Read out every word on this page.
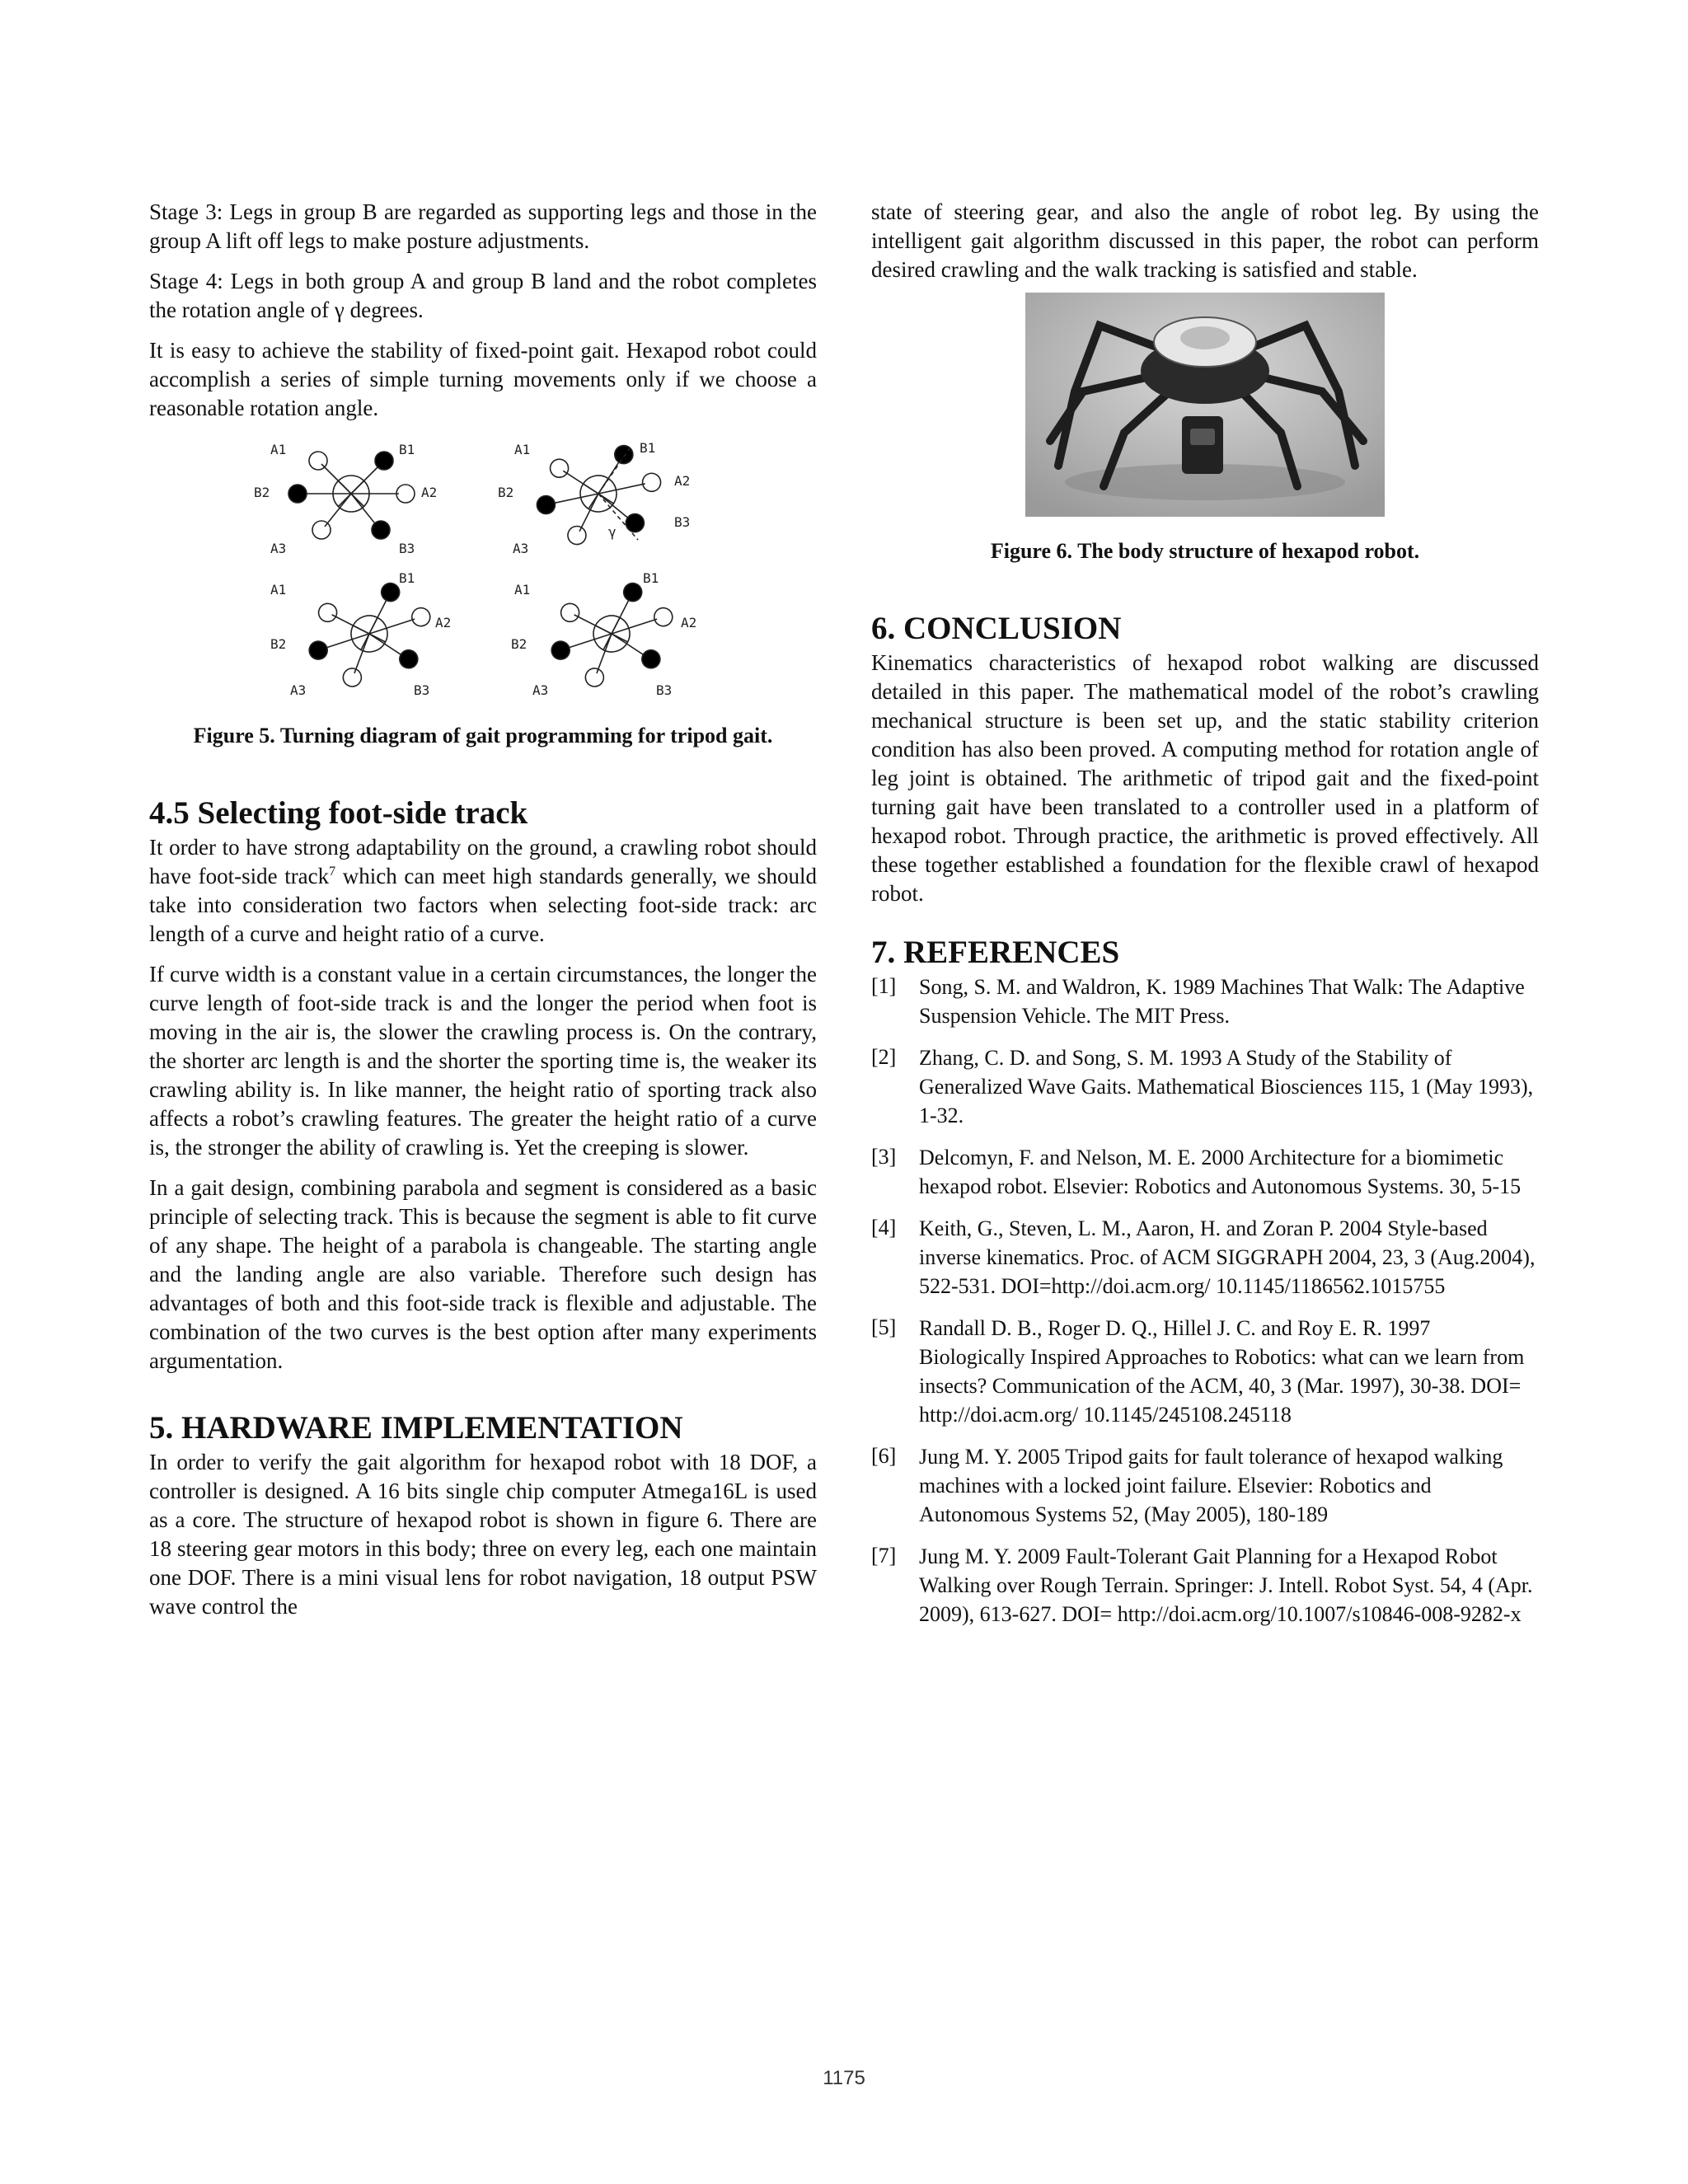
Stage 3: Legs in group B are regarded as supporting legs and those in the group A lift off legs to make posture adjustments.

Stage 4: Legs in both group A and group B land and the robot completes the rotation angle of γ degrees.

It is easy to achieve the stability of fixed-point gait. Hexapod robot could accomplish a series of simple turning movements only if we choose a reasonable rotation angle.

A1	B1
B2	A2
A3	B3
A1	B1
B2
A2
B3
γ
A3
A1
B1
A2
B2
A3	B3
A1
B1
A2
B2
A3	B3

Figure 5. Turning diagram of gait programming for tripod gait.

4.5 Selecting foot-side track

It order to have strong adaptability on the ground, a crawling robot should have foot-side track$^7$ which can meet high standards generally, we should take into consideration two factors when selecting foot-side track: arc length of a curve and height ratio of a curve.

If curve width is a constant value in a certain circumstances, the longer the curve length of foot-side track is and the longer the period when foot is moving in the air is, the slower the crawling process is. On the contrary, the shorter arc length is and the shorter the sporting time is, the weaker its crawling ability is. In like manner, the height ratio of sporting track also affects a robot’s crawling features. The greater the height ratio of a curve is, the stronger the ability of crawling is. Yet the creeping is slower.

In a gait design, combining parabola and segment is considered as a basic principle of selecting track. This is because the segment is able to fit curve of any shape. The height of a parabola is changeable. The starting angle and the landing angle are also variable. Therefore such design has advantages of both and this foot-side track is flexible and adjustable. The combination of the two curves is the best option after many experiments argumentation.

5. HARDWARE IMPLEMENTATION

In order to verify the gait algorithm for hexapod robot with 18 DOF, a controller is designed. A 16 bits single chip computer Atmega16L is used as a core. The structure of hexapod robot is shown in figure 6. There are 18 steering gear motors in this body; three on every leg, each one maintain one DOF. There is a mini visual lens for robot navigation, 18 output PSW wave control the

state of steering gear, and also the angle of robot leg. By using the intelligent gait algorithm discussed in this paper, the robot can perform desired crawling and the walk tracking is satisfied and stable.

Figure 6. The body structure of hexapod robot.

6. CONCLUSION

Kinematics characteristics of hexapod robot walking are discussed detailed in this paper. The mathematical model of the robot’s crawling mechanical structure is been set up, and the static stability criterion condition has also been proved. A computing method for rotation angle of leg joint is obtained. The arithmetic of tripod gait and the fixed-point turning gait have been translated to a controller used in a platform of hexapod robot. Through practice, the arithmetic is proved effectively. All these together established a foundation for the flexible crawl of hexapod robot.

7. REFERENCES
[1] Song, S. M. and Waldron, K. 1989 Machines That Walk: The Adaptive Suspension Vehicle. The MIT Press.
[2] Zhang, C. D. and Song, S. M. 1993 A Study of the Stability of Generalized Wave Gaits. Mathematical Biosciences 115, 1 (May 1993), 1-32.
[3] Delcomyn, F. and Nelson, M. E. 2000 Architecture for a biomimetic hexapod robot. Elsevier: Robotics and Autonomous Systems. 30, 5-15
[4] Keith, G., Steven, L. M., Aaron, H. and Zoran P. 2004 Style-based inverse kinematics. Proc. of ACM SIGGRAPH 2004, 23, 3 (Aug.2004), 522-531. DOI=http://doi.acm.org/ 10.1145/1186562.1015755
[5] Randall D. B., Roger D. Q., Hillel J. C. and Roy E. R. 1997 Biologically Inspired Approaches to Robotics: what can we learn from insects? Communication of the ACM, 40, 3 (Mar. 1997), 30-38. DOI= http://doi.acm.org/ 10.1145/245108.245118
[6] Jung M. Y. 2005 Tripod gaits for fault tolerance of hexapod walking machines with a locked joint failure. Elsevier: Robotics and Autonomous Systems 52, (May 2005), 180-189
[7] Jung M. Y. 2009 Fault-Tolerant Gait Planning for a Hexapod Robot Walking over Rough Terrain. Springer: J. Intell. Robot Syst. 54, 4 (Apr. 2009), 613-627. DOI= http://doi.acm.org/10.1007/s10846-008-9282-x
1175
